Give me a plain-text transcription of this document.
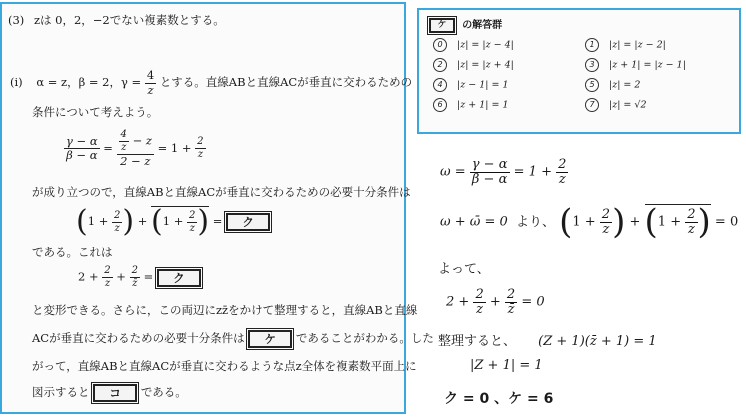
(3) zは 0，2，−2でない複素数とする。
(i) α = z，β = 2，$\gamma = \frac{4}{z}$ とする。直線ABと直線ACが垂直に交わるための
条件について考えよう。
$\frac{\gamma - \alpha}{\beta - \alpha} = \frac{\frac{4}{z} - z}{2 - z} = 1 + \frac{2}{z}$
が成り立つので，直線ABと直線ACが垂直に交わるための必要十分条件は
($1 + \frac{2}{z}$ ) + ($1 + \frac{2}{z}$ ) = ク
である。これは
$2 + \frac{2}{z} + \frac{2}{z̄}$ = ク
と変形できる。さらに，この両辺にzz̄をかけて整理すると，直線ABと直線
ACが垂直に交わるための必要十分条件は ケ であることがわかる。した
がって，直線ABと直線ACが垂直に交わるような点z全体を複素数平面上に
図示すると コ である。
ケ の解答群
0 |z| = |z − 4|	1 |z| = |z − 2|
2 |z| = |z + 4|	3 |z + 1| = |z − 1|
4 |z − 1| = 1	5 |z| = 2
6 |z + 1| = 1	7 |z| = √2
$\omega = \frac{\gamma - \alpha}{\beta - \alpha} = 1 + \frac{2}{z}$
ω + ω̄ = 0 より、 ($1 + \frac{2}{z}$ ) + ($1 + \frac{2}{z}$ ) = 0
よって、
$2 + \frac{2}{z} + \frac{2}{z̄} = 0$
整理すると、 (Z + 1)(z̄ + 1) = 1
|Z + 1| = 1
ク = 0 、ケ = 6
